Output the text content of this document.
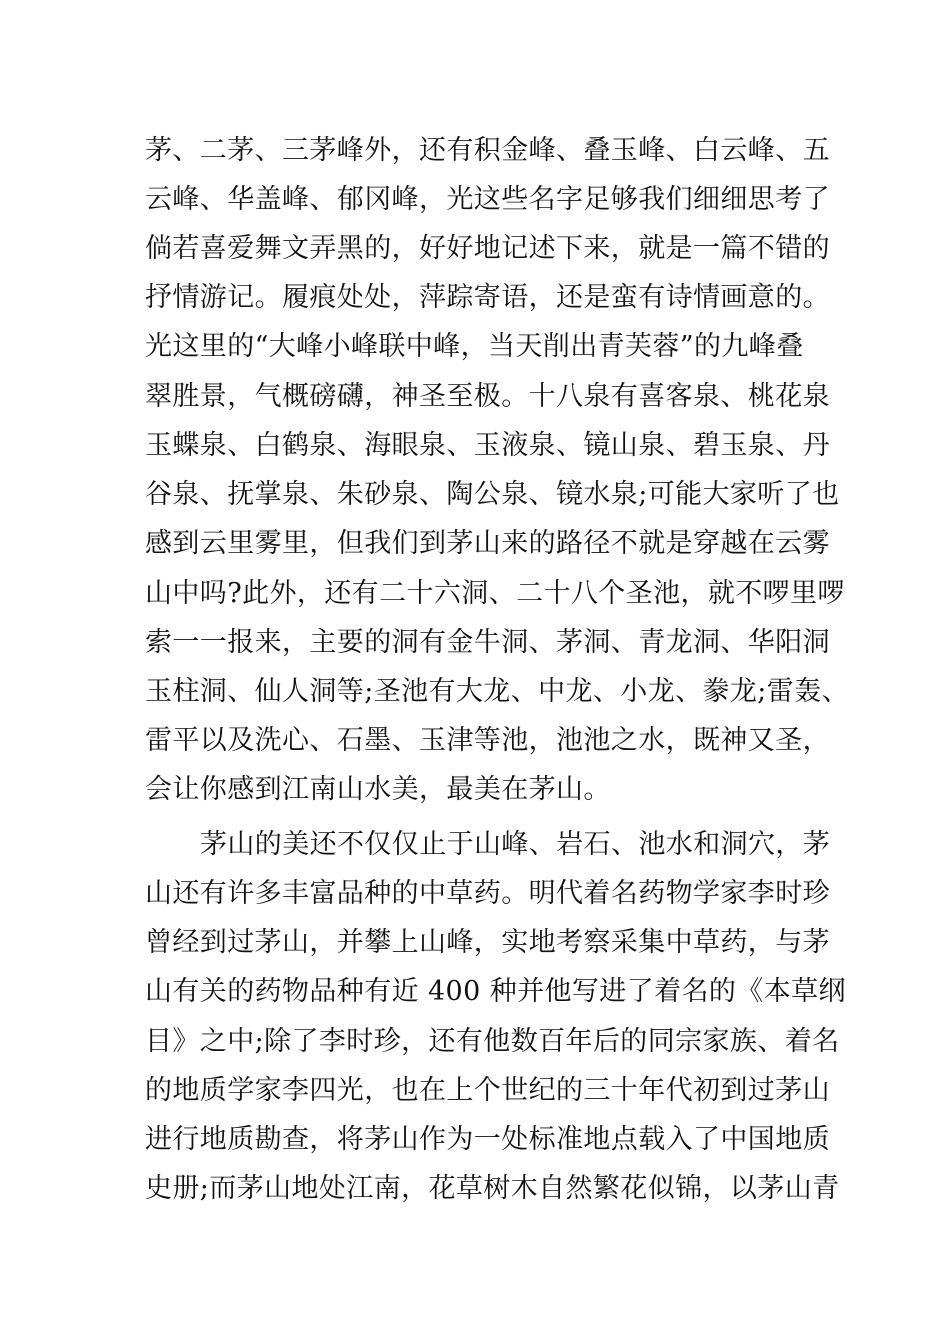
茅、二茅、三茅峰外，还有积金峰、叠玉峰、白云峰、五
云峰、华盖峰、郁冈峰，光这些名字足够我们细细思考了
倘若喜爱舞文弄黑的，好好地记述下来，就是一篇不错的
抒情游记。履痕处处，萍踪寄语，还是蛮有诗情画意的。
光这里的“大峰小峰联中峰，当天削出青芙蓉”的九峰叠
翠胜景，气概磅礴，神圣至极。十八泉有喜客泉、桃花泉
玉蝶泉、白鹤泉、海眼泉、玉液泉、镜山泉、碧玉泉、丹
谷泉、抚掌泉、朱砂泉、陶公泉、镜水泉;可能大家听了也
感到云里雾里，但我们到茅山来的路径不就是穿越在云雾
山中吗?此外，还有二十六洞、二十八个圣池，就不啰里啰
索一一报来，主要的洞有金牛洞、茅洞、青龙洞、华阳洞
玉柱洞、仙人洞等;圣池有大龙、中龙、小龙、豢龙;雷轰、
雷平以及洗心、石墨、玉津等池，池池之水，既神又圣，
会让你感到江南山水美，最美在茅山。
茅山的美还不仅仅止于山峰、岩石、池水和洞穴，茅
山还有许多丰富品种的中草药。明代着名药物学家李时珍
曾经到过茅山，并攀上山峰，实地考察采集中草药，与茅
山有关的药物品种有近 400 种并他写进了着名的《本草纲
目》之中;除了李时珍，还有他数百年后的同宗家族、着名
的地质学家李四光，也在上个世纪的三十年代初到过茅山
进行地质勘查，将茅山作为一处标准地点载入了中国地质
史册;而茅山地处江南，花草树木自然繁花似锦，以茅山青
